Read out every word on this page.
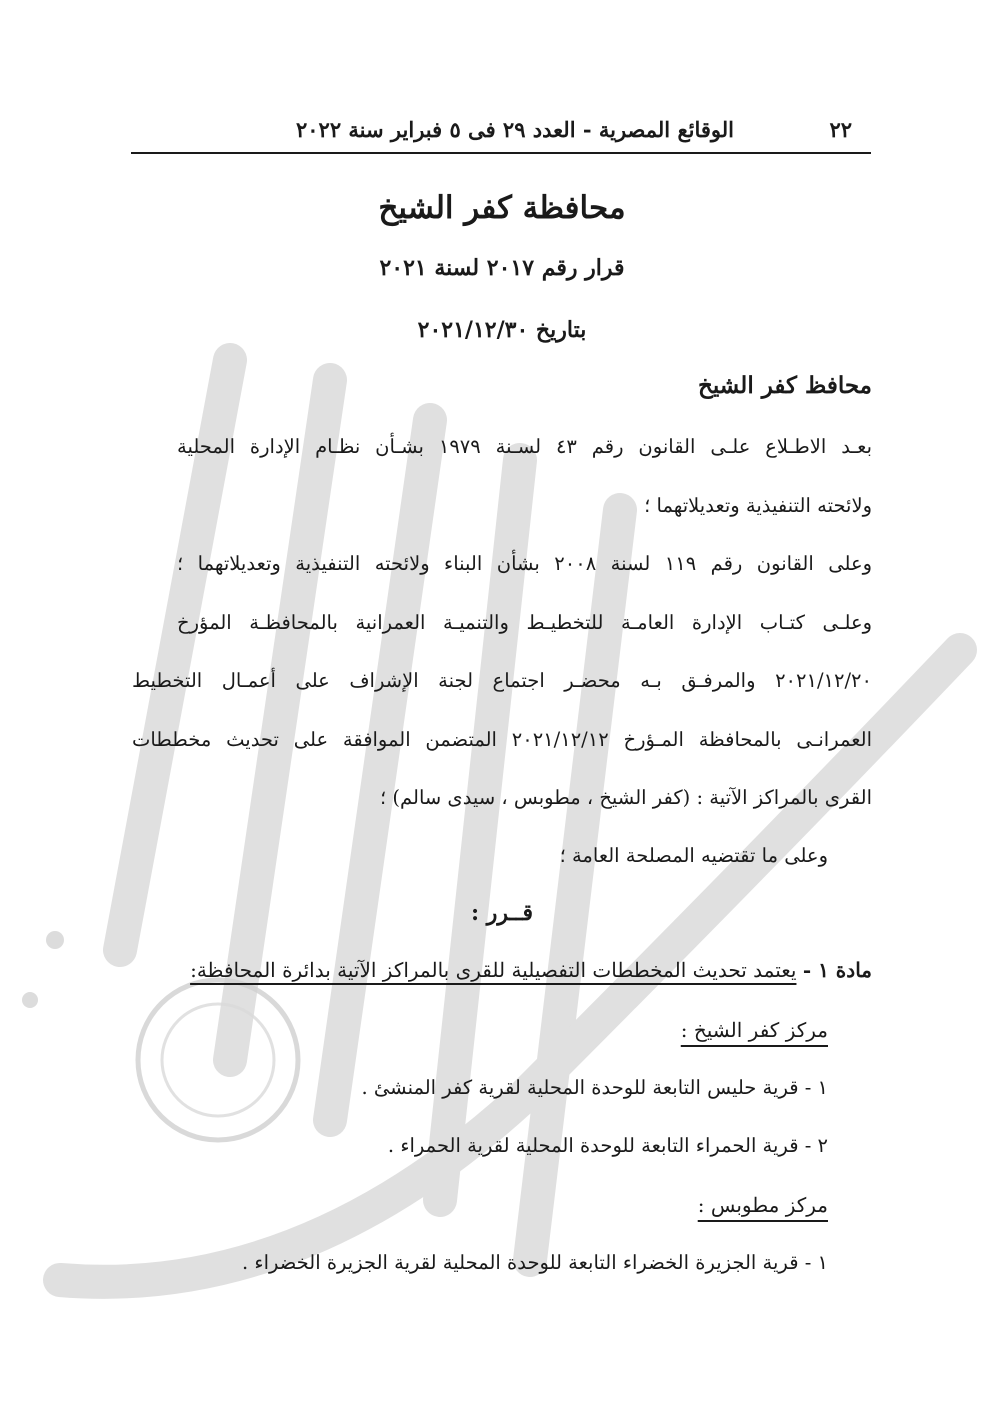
٢٢
الوقائع المصرية - العدد ٢٩ فى ٥ فبراير سنة ٢٠٢٢
محافظة كفر الشيخ
قرار رقم ٢٠١٧ لسنة ٢٠٢١
بتاريخ ٢٠٢١/١٢/٣٠
محافظ كفر الشيخ
بعـد الاطـلاع علـى القانون رقم ٤٣ لسـنة ١٩٧٩ بشـأن نظـام الإدارة المحلية
ولائحته التنفيذية وتعديلاتهما ؛
وعلى القانون رقم ١١٩ لسنة ٢٠٠٨ بشأن البناء ولائحته التنفيذية وتعديلاتهما ؛
وعلـى كتـاب الإدارة العامـة للتخطيـط والتنميـة العمرانية بالمحافظـة المؤرخ
٢٠٢١/١٢/٢٠ والمرفـق بـه محضـر اجتماع لجنة الإشراف على أعمـال التخطيط
العمرانـى بالمحافظة المـؤرخ ٢٠٢١/١٢/١٢ المتضمن الموافقة على تحديث مخططات
القرى بالمراكز الآتية : (كفر الشيخ ، مطوبس ، سيدى سالم) ؛
وعلى ما تقتضيه المصلحة العامة ؛
قــرر :
مادة ١ - يعتمد تحديث المخططات التفصيلية للقرى بالمراكز الآتية بدائرة المحافظة:
مركز كفر الشيخ :
١ - قرية حليس التابعة للوحدة المحلية لقرية كفر المنشئ .
٢ - قرية الحمراء التابعة للوحدة المحلية لقرية الحمراء .
مركز مطوبس :
١ - قرية الجزيرة الخضراء التابعة للوحدة المحلية لقرية الجزيرة الخضراء .
